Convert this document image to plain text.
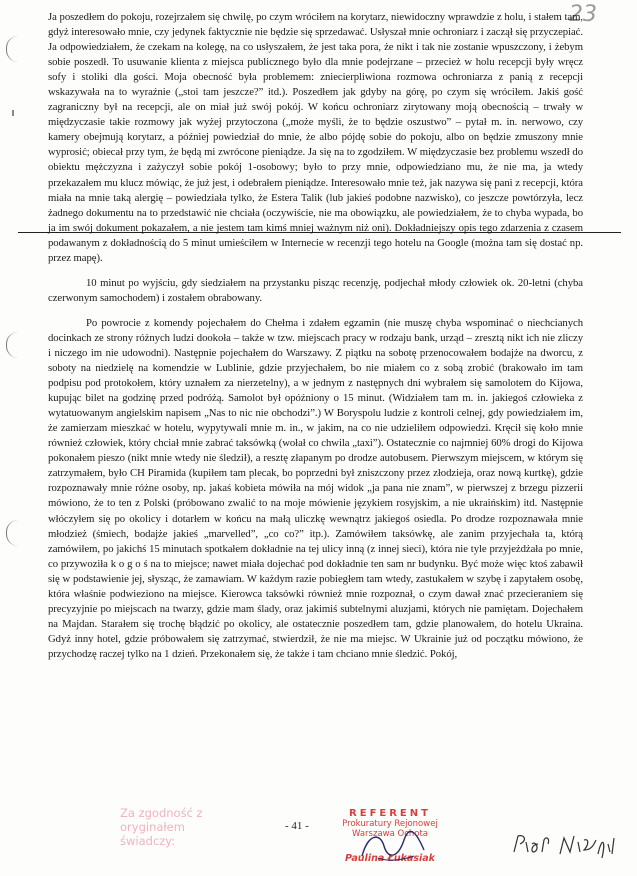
23

Ja poszedłem do pokoju, rozejrzałem się chwilę, po czym wróciłem na korytarz, niewidoczny wprawdzie z holu, i stałem tam, gdyż interesowało mnie, czy jedynek faktycznie nie będzie się sprzedawać. Usłyszał mnie ochroniarz i zaczął się przyczepiać. Ja odpowiedziałem, że czekam na kolegę, na co usłyszałem, że jest taka pora, że nikt i tak nie zostanie wpuszczony, i żebym sobie poszedł. To usuwanie klienta z miejsca publicznego było dla mnie podejrzane – przecież w holu recepcji były wręcz sofy i stoliki dla gości. Moja obecność była problemem: zniecierpliwiona rozmowa ochroniarza z panią z recepcji wskazywała na to wyraźnie („stoi tam jeszcze?” itd.). Poszedłem jak gdyby na górę, po czym się wróciłem. Jakiś gość zagraniczny był na recepcji, ale on miał już swój pokój. W końcu ochroniarz zirytowany moją obecnością – trwały w międzyczasie takie rozmowy jak wyżej przytoczona („może myśli, że to będzie oszustwo” – pytał m. in. nerwowo, czy kamery obejmują korytarz, a później powiedział do mnie, że albo pójdę sobie do pokoju, albo on będzie zmuszony mnie wyprosić; obiecał przy tym, że będą mi zwrócone pieniądze. Ja się na to zgodziłem. W międzyczasie bez problemu wszedł do obiektu mężczyzna i zażyczył sobie pokój 1-osobowy; było to przy mnie, odpowiedziano mu, że nie ma, ja wtedy przekazałem mu klucz mówiąc, że już jest, i odebrałem pieniądze. Interesowało mnie też, jak nazywa się pani z recepcji, która miała na mnie taką alergię – powiedziała tylko, że Estera Talik (lub jakieś podobne nazwisko), co jeszcze powtórzyła, lecz żadnego dokumentu na to przedstawić nie chciała (oczywiście, nie ma obowiązku, ale powiedziałem, że to chyba wypada, bo ja im swój dokument pokazałem, a nie jestem tam kimś mniej ważnym niż oni). Dokładniejszy opis tego zdarzenia z czasem podawanym z dokładnością do 5 minut umieściłem w Internecie w recenzji tego hotelu na Google (można tam się dostać np. przez mapę).

10 minut po wyjściu, gdy siedziałem na przystanku pisząc recenzję, podjechał młody człowiek ok. 20-letni (chyba czerwonym samochodem) i zostałem obrabowany.

Po powrocie z komendy pojechałem do Chełma i zdałem egzamin (nie muszę chyba wspominać o niechcianych docinkach ze strony różnych ludzi dookoła – także w tzw. miejscach pracy w rodzaju bank, urząd – zresztą nikt ich nie zliczy i niczego im nie udowodni). Następnie pojechałem do Warszawy. Z piątku na sobotę przenocowałem bodajże na dworcu, z soboty na niedzielę na komendzie w Lublinie, gdzie przyjechałem, bo nie miałem co z sobą zrobić (brakowało im tam podpisu pod protokołem, który uznałem za nierzetelny), a w jednym z następnych dni wybrałem się samolotem do Kijowa, kupując bilet na godzinę przed podróżą. Samolot był opóźniony o 15 minut. (Widziałem tam m. in. jakiegoś człowieka z wytatuowanym angielskim napisem „Nas to nic nie obchodzi”.) W Boryspolu ludzie z kontroli celnej, gdy powiedziałem im, że zamierzam mieszkać w hotelu, wypytywali mnie m. in., w jakim, na co nie udzieliłem odpowiedzi. Kręcił się koło mnie również człowiek, który chciał mnie zabrać taksówką (wołał co chwila „taxi”). Ostatecznie co najmniej 60% drogi do Kijowa pokonałem pieszo (nikt mnie wtedy nie śledził), a resztę złapanym po drodze autobusem. Pierwszym miejscem, w którym się zatrzymałem, było CH Piramida (kupiłem tam plecak, bo poprzedni był zniszczony przez złodzieja, oraz nową kurtkę), gdzie rozpoznawały mnie różne osoby, np. jakaś kobieta mówiła na mój widok „ja pana nie znam”, w pierwszej z brzegu pizzerii mówiono, że to ten z Polski (próbowano zwalić to na moje mówienie językiem rosyjskim, a nie ukraińskim) itd. Następnie włóczyłem się po okolicy i dotarłem w końcu na małą uliczkę wewnątrz jakiegoś osiedla. Po drodze rozpoznawała mnie młodzież (śmiech, bodajże jakieś „marvelled”, „co co?” itp.). Zamówiłem taksówkę, ale zanim przyjechała ta, którą zamówiłem, po jakichś 15 minutach spotkałem dokładnie na tej ulicy inną (z innej sieci), która nie tyle przyjeżdżała po mnie, co przywoziła k o g o ś na to miejsce; nawet miała dojechać pod dokładnie ten sam nr budynku. Być może więc ktoś zabawił się w podstawienie jej, słysząc, że zamawiam. W każdym razie pobiegłem tam wtedy, zastukałem w szybę i zapytałem osobę, która właśnie podwieziono na miejsce. Kierowca taksówki również mnie rozpoznał, o czym dawał znać przecieraniem się precyzyjnie po miejscach na twarzy, gdzie mam ślady, oraz jakimiś subtelnymi aluzjami, których nie pamiętam. Dojechałem na Majdan. Starałem się trochę błądzić po okolicy, ale ostatecznie poszedłem tam, gdzie planowałem, do hotelu Ukraina. Gdyż inny hotel, gdzie próbowałem się zatrzymać, stwierdził, że nie ma miejsc. W Ukrainie już od początku mówiono, że przychodzę raczej tylko na 1 dzień. Przekonałem się, że także i tam chciano mnie śledzić. Pokój,

Za zgodność z oryginałem
świadczy:
- 41 -
REFERENT
Prokuratury Rejonowej
Warszawa Ochota
Paulina Łukasiak
